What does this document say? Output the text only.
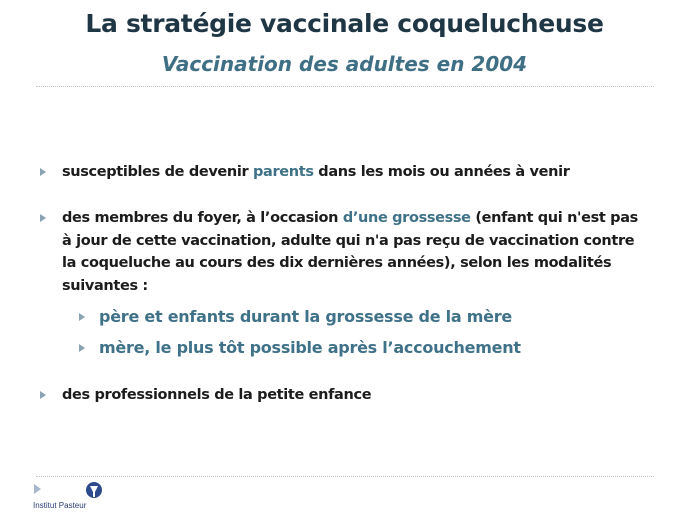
La stratégie vaccinale coquelucheuse
Vaccination des adultes en 2004
susceptibles de devenir parents dans les mois ou années à venir
des membres du foyer, à l’occasion d’une grossesse (enfant qui n'est pas
à jour de cette vaccination, adulte qui n'a pas reçu de vaccination contre
la coqueluche au cours des dix dernières années), selon les modalités
suivantes :
père et enfants durant la grossesse de la mère
mère, le plus tôt possible après l’accouchement
des professionnels de la petite enfance
Institut Pasteur
